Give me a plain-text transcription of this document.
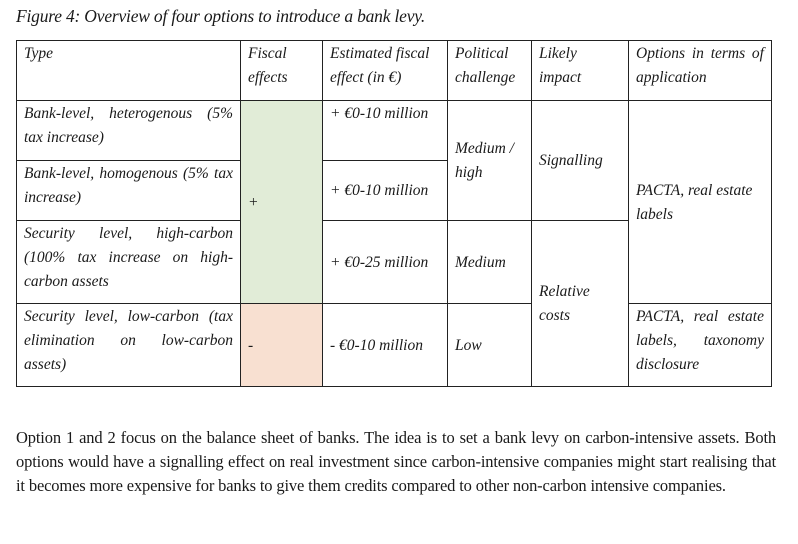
Figure 4: Overview of four options to introduce a bank levy.
Type	Fiscal effects	Estimated fiscal effect (in €)	Political challenge	Likely impact	Options in terms of application
Bank-level, heterogenous (5% tax increase)	+	+ €0-10 million	Medium / high	Signalling	PACTA, real estate labels
Bank-level, homogenous (5% tax increase)		+ €0-10 million			
Security level, high-carbon (100% tax increase on high-carbon assets		+ €0-25 million	Medium	Relative costs	
Security level, low-carbon (tax elimination on low-carbon assets)	-	- €0-10 million	Low		PACTA, real estate labels, taxonomy disclosure

Option 1 and 2 focus on the balance sheet of banks. The idea is to set a bank levy on carbon-intensive assets. Both options would have a signalling effect on real investment since carbon-intensive companies might start realising that it becomes more expensive for banks to give them credits compared to other non-carbon intensive companies.
